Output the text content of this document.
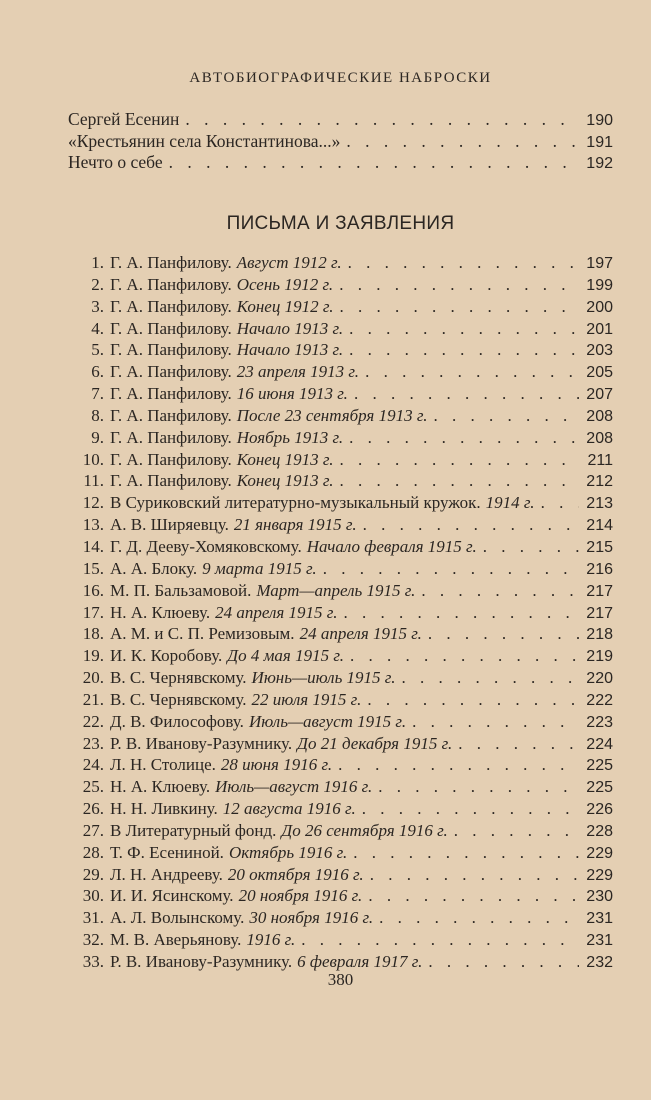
АВТОБИОГРАФИЧЕСКИЕ НАБРОСКИ
Сергей Есенин . . .	190
«Крестьянин села Константинова...» . . .	191
Нечто о себе . . .	192
ПИСЬМА И ЗАЯВЛЕНИЯ
1. Г. А. Панфилову. Август 1912 г. . . .	197
2. Г. А. Панфилову. Осень 1912 г. . . .	199
3. Г. А. Панфилову. Конец 1912 г. . . .	200
4. Г. А. Панфилову. Начало 1913 г. . . .	201
5. Г. А. Панфилову. Начало 1913 г. . . .	203
6. Г. А. Панфилову. 23 апреля 1913 г. . . .	205
7. Г. А. Панфилову. 16 июня 1913 г. . . .	207
8. Г. А. Панфилову. После 23 сентября 1913 г. . . .	208
9. Г. А. Панфилову. Ноябрь 1913 г. . . .	208
10. Г. А. Панфилову. Конец 1913 г. . . .	211
11. Г. А. Панфилову. Конец 1913 г. . . .	212
12. В Суриковский литературно-музыкальный кружок. 1914 г. . . .	213
13. А. В. Ширяевцу. 21 января 1915 г. . . .	214
14. Г. Д. Дееву-Хомяковскому. Начало февраля 1915 г. . . .	215
15. А. А. Блоку. 9 марта 1915 г. . . .	216
16. М. П. Бальзамовой. Март—апрель 1915 г. . . .	217
17. Н. А. Клюеву. 24 апреля 1915 г. . . .	217
18. А. М. и С. П. Ремизовым. 24 апреля 1915 г. . . .	218
19. И. К. Коробову. До 4 мая 1915 г. . . .	219
20. В. С. Чернявскому. Июнь—июль 1915 г. . . .	220
21. В. С. Чернявскому. 22 июля 1915 г. . . .	222
22. Д. В. Философову. Июль—август 1915 г. . . .	223
23. Р. В. Иванову-Разумнику. До 21 декабря 1915 г. . . .	224
24. Л. Н. Столице. 28 июня 1916 г. . . .	225
25. Н. А. Клюеву. Июль—август 1916 г. . . .	225
26. Н. Н. Ливкину. 12 августа 1916 г. . . .	226
27. В Литературный фонд. До 26 сентября 1916 г. . . .	228
28. Т. Ф. Есениной. Октябрь 1916 г. . . .	229
29. Л. Н. Андрееву. 20 октября 1916 г. . . .	229
30. И. И. Ясинскому. 20 ноября 1916 г. . . .	230
31. А. Л. Волынскому. 30 ноября 1916 г. . . .	231
32. М. В. Аверьянову. 1916 г. . . .	231
33. Р. В. Иванову-Разумнику. 6 февраля 1917 г. . . .	232
380
